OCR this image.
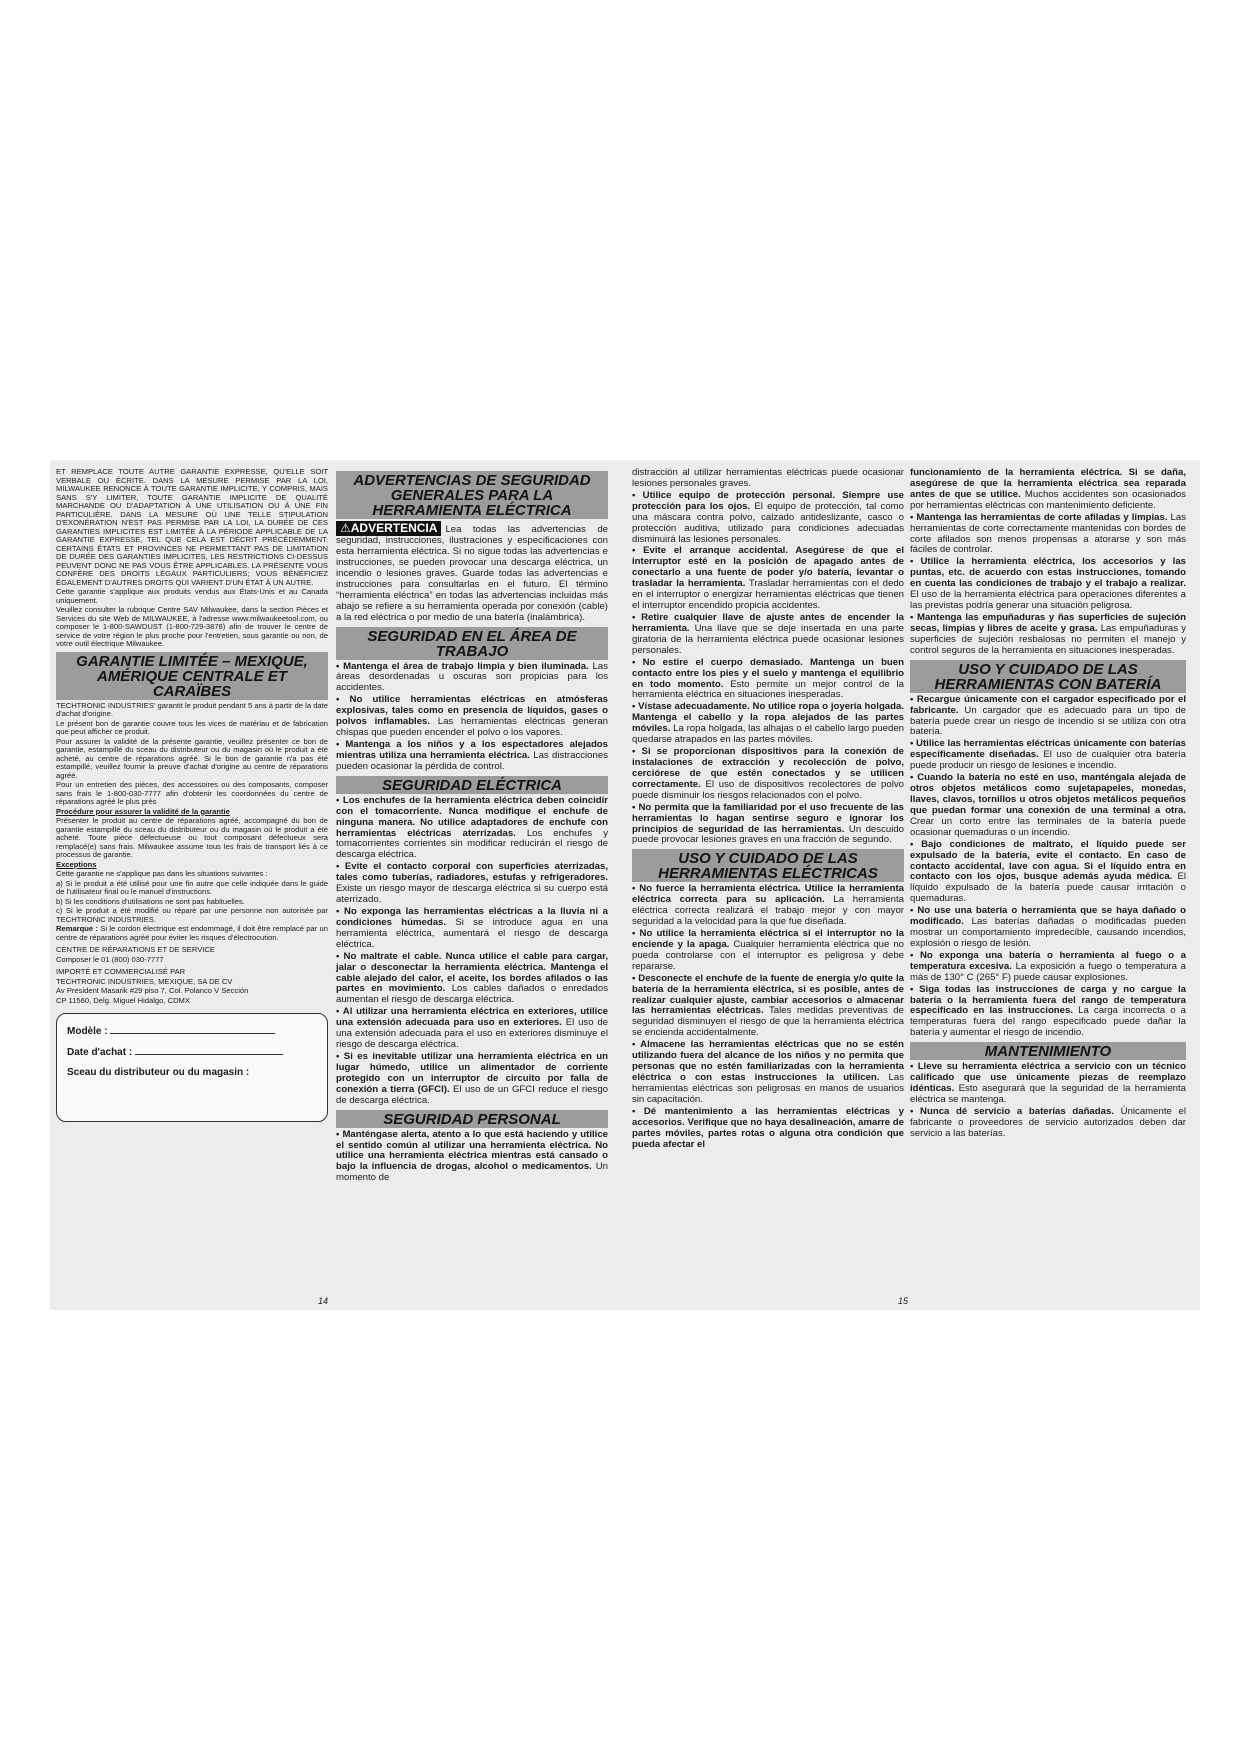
ET REMPLACE TOUTE AUTRE GARANTIE EXPRESSE, QU'ELLE SOIT VERBALE OU ÉCRITE. DANS LA MESURE PERMISE PAR LA LOI, MILWAUKEE RENONCE À TOUTE GARANTIE IMPLICITE, Y COMPRIS, MAIS SANS S'Y LIMITER, TOUTE GARANTIE IMPLICITE DE QUALITÉ MARCHANDE OU D'ADAPTATION À UNE UTILISATION OU À UNE FIN PARTICULIÈRE. DANS LA MESURE OÙ UNE TELLE STIPULATION D'EXONÉRATION N'EST PAS PERMISE PAR LA LOI, LA DURÉE DE CES GARANTIES IMPLICITES EST LIMITÉE À LA PÉRIODE APPLICABLE DE LA GARANTIE EXPRESSE, TEL QUE CELA EST DÉCRIT PRÉCÉDEMMENT. CERTAINS ÉTATS ET PROVINCES NE PERMETTANT PAS DE LIMITATION DE DURÉE DES GARANTIES IMPLICITES, LES RESTRICTIONS CI-DESSUS PEUVENT DONC NE PAS VOUS ÊTRE APPLICABLES. LA PRÉSENTE VOUS CONFÈRE DES DROITS LÉGAUX PARTICULIERS; VOUS BÉNÉFICIEZ ÉGALEMENT D'AUTRES DROITS QUI VARIENT D'UN ÉTAT À UN AUTRE.

Cette garantie s'applique aux produits vendus aux États-Unis et au Canada uniquement.

Veuillez consulter la rubrique Centre SAV Milwaukee, dans la section Pièces et Services du site Web de MILWAUKEE, à l'adresse www.milwaukeetool.com, ou composer le 1-800-SAWDUST (1-800-729-3878) afin de trouver le centre de service de votre région le plus proche pour l'entretien, sous garantie ou non, de votre outil électrique Milwaukee.

GARANTIE LIMITÉE – MEXIQUE, AMÉRIQUE CENTRALE ET CARAÏBES

TECHTRONIC INDUSTRIES' garantit le produit pendant 5 ans à partir de la date d'achat d'origine.

Le présent bon de garantie couvre tous les vices de matériau et de fabrication que peut afficher ce produit.

Pour assurer la validité de la présente garantie, veuillez présenter ce bon de garantie, estampillé du sceau du distributeur ou du magasin où le produit a été acheté, au centre de réparations agréé. Si le bon de garantie n'a pas été estampillé, veuillez fournir la preuve d'achat d'origine au centre de réparations agréé.

Pour un entretien des pièces, des accessoires ou des composants, composer sans frais le 1-800-030-7777 afin d'obtenir les coordonnées du centre de réparations agréé le plus près

Procédure pour assurer la validité de la garantie

Présenter le produit au centre de réparations agréé, accompagné du bon de garantie estampillé du sceau du distributeur ou du magasin où le produit a été acheté. Toute pièce défectueuse ou tout composant défectueux sera remplacé(e) sans frais. Milwaukee assume tous les frais de transport liés à ce processus de garantie.

Exceptions

Cette garantie ne s'applique pas dans les situations suivantes :

a) Si le produit a été utilisé pour une fin autre que celle indiquée dans le guide de l'utilisateur final ou le manuel d'instructions.

b) Si les conditions d'utilisations ne sont pas habituelles.

c) Si le produit a été modifié ou réparé par une personne non autorisée par TECHTRONIC INDUSTRIES.

Remarque : Si le cordon électrique est endommagé, il doit être remplacé par un centre de réparations agréé pour éviter les risques d'électrocution.

CENTRE DE RÉPARATIONS ET DE SERVICE

Composer le 01 (800) 030-7777

IMPORTÉ ET COMMERCIALISÉ PAR

TECHTRONIC INDUSTRIES, MEXIQUE, SA DE CV

Av President Masarik #29 piso 7, Col. Polanco V Sección

CP 11560, Delg. Miguel Hidalgo, CDMX

Modèle :
Date d'achat :
Sceau du distributeur ou du magasin :
ADVERTENCIAS DE SEGURIDAD GENERALES PARA LA HERRAMIENTA ELÉCTRICA

⚠ADVERTENCIA Lea todas las advertencias de seguridad, instrucciones, ilustraciones y especificaciones con esta herramienta eléctrica. Si no sigue todas las advertencias e instrucciones, se pueden provocar una descarga eléctrica, un incendio o lesiones graves. Guarde todas las advertencias e instrucciones para consultarlas en el futuro. El término “herramienta eléctrica” en todas las advertencias incluidas más abajo se refiere a su herramienta operada por conexión (cable) a la red eléctrica o por medio de una batería (inalámbrica).

SEGURIDAD EN EL ÁREA DE TRABAJO

• Mantenga el área de trabajo limpia y bien iluminada. Las áreas desordenadas u oscuras son propicias para los accidentes.

• No utilice herramientas eléctricas en atmósferas explosivas, tales como en presencia de líquidos, gases o polvos inflamables. Las herramientas eléctricas generan chispas que pueden encender el polvo o los vapores.

• Mantenga a los niños y a los espectadores alejados mientras utiliza una herramienta eléctrica. Las distracciones pueden ocasionar la pérdida de control.

SEGURIDAD ELÉCTRICA

• Los enchufes de la herramienta eléctrica deben coincidir con el tomacorriente. Nunca modifique el enchufe de ninguna manera. No utilice adaptadores de enchufe con herramientas eléctricas aterrizadas. Los enchufes y tomacorrientes corrientes sin modificar reducirán el riesgo de descarga eléctrica.

• Evite el contacto corporal con superficies aterrizadas, tales como tuberías, radiadores, estufas y refrigeradores. Existe un riesgo mayor de descarga eléctrica si su cuerpo está aterrizado.

• No exponga las herramientas eléctricas a la lluvia ni a condiciones húmedas. Si se introduce agua en una herramienta eléctrica, aumentará el riesgo de descarga eléctrica.

• No maltrate el cable. Nunca utilice el cable para cargar, jalar o desconectar la herramienta eléctrica. Mantenga el cable alejado del calor, el aceite, los bordes afilados o las partes en movimiento. Los cables dañados o enredados aumentan el riesgo de descarga eléctrica.

• Al utilizar una herramienta eléctrica en exteriores, utilice una extensión adecuada para uso en exteriores. El uso de una extensión adecuada para el uso en exteriores disminuye el riesgo de descarga eléctrica.

• Si es inevitable utilizar una herramienta eléctrica en un lugar húmedo, utilice un alimentador de corriente protegido con un interruptor de circuito por falla de conexión a tierra (GFCI). El uso de un GFCI reduce el riesgo de descarga eléctrica.

SEGURIDAD PERSONAL

• Manténgase alerta, atento a lo que está haciendo y utilice el sentido común al utilizar una herramienta eléctrica. No utilice una herramienta eléctrica mientras está cansado o bajo la influencia de drogas, alcohol o medicamentos. Un momento de

14

distracción al utilizar herramientas eléctricas puede ocasionar lesiones personales graves.

• Utilice equipo de protección personal. Siempre use protección para los ojos. El equipo de protección, tal como una máscara contra polvo, calzado antideslizante, casco o protección auditiva, utilizado para condiciones adecuadas disminuirá las lesiones personales.

• Evite el arranque accidental. Asegúrese de que el interruptor esté en la posición de apagado antes de conectarlo a una fuente de poder y/o batería, levantar o trasladar la herramienta. Trasladar herramientas con el dedo en el interruptor o energizar herramientas eléctricas que tienen el interruptor encendido propicia accidentes.

• Retire cualquier llave de ajuste antes de encender la herramienta. Una llave que se deje insertada en una parte giratoria de la herramienta eléctrica puede ocasionar lesiones personales.

• No estire el cuerpo demasiado. Mantenga un buen contacto entre los pies y el suelo y mantenga el equilibrio en todo momento. Esto permite un mejor control de la herramienta eléctrica en situaciones inesperadas.

• Vístase adecuadamente. No utilice ropa o joyería holgada. Mantenga el cabello y la ropa alejados de las partes móviles. La ropa holgada, las alhajas o el cabello largo pueden quedarse atrapados en las partes móviles.

• Si se proporcionan dispositivos para la conexión de instalaciones de extracción y recolección de polvo, cerciórese de que estén conectados y se utilicen correctamente. El uso de dispositivos recolectores de polvo puede disminuir los riesgos relacionados con el polvo.

• No permita que la familiaridad por el uso frecuente de las herramientas lo hagan sentirse seguro e ignorar los principios de seguridad de las herramientas. Un descuido puede provocar lesiones graves en una fracción de segundo.

USO Y CUIDADO DE LAS HERRAMIENTAS ELÉCTRICAS

• No fuerce la herramienta eléctrica. Utilice la herramienta eléctrica correcta para su aplicación. La herramienta eléctrica correcta realizará el trabajo mejor y con mayor seguridad a la velocidad para la que fue diseñada.

• No utilice la herramienta eléctrica si el interruptor no la enciende y la apaga. Cualquier herramienta eléctrica que no pueda controlarse con el interruptor es peligrosa y debe repararse.

• Desconecte el enchufe de la fuente de energía y/o quite la batería de la herramienta eléctrica, si es posible, antes de realizar cualquier ajuste, cambiar accesorios o almacenar las herramientas eléctricas. Tales medidas preventivas de seguridad disminuyen el riesgo de que la herramienta eléctrica se encienda accidentalmente.

• Almacene las herramientas eléctricas que no se estén utilizando fuera del alcance de los niños y no permita que personas que no estén familiarizadas con la herramienta eléctrica o con estas instrucciones la utilicen. Las herramientas eléctricas son peligrosas en manos de usuarios sin capacitación.

• Dé mantenimiento a las herramientas eléctricas y accesorios. Verifique que no haya desalineación, amarre de partes móviles, partes rotas o alguna otra condición que pueda afectar el

funcionamiento de la herramienta eléctrica. Si se daña, asegúrese de que la herramienta eléctrica sea reparada antes de que se utilice. Muchos accidentes son ocasionados por herramientas eléctricas con mantenimiento deficiente.

• Mantenga las herramientas de corte afiladas y limpias. Las herramientas de corte correctamente mantenidas con bordes de corte afilados son menos propensas a atorarse y son más fáciles de controlar.

• Utilice la herramienta eléctrica, los accesorios y las puntas, etc. de acuerdo con estas instrucciones, tomando en cuenta las condiciones de trabajo y el trabajo a realizar. El uso de la herramienta eléctrica para operaciones diferentes a las previstas podría generar una situación peligrosa.

• Mantenga las empuñaduras y ñas superficies de sujeción secas, limpias y libres de aceite y grasa. Las empuñaduras y superficies de sujeción resbalosas no permiten el manejo y control seguros de la herramienta en situaciones inesperadas.

USO Y CUIDADO DE LAS HERRAMIENTAS CON BATERÍA

• Recargue únicamente con el cargador especificado por el fabricante. Un cargador que es adecuado para un tipo de batería puede crear un riesgo de incendio si se utiliza con otra batería.

• Utilice las herramientas eléctricas únicamente con baterías específicamente diseñadas. El uso de cualquier otra batería puede producir un riesgo de lesiones e incendio.

• Cuando la batería no esté en uso, manténgala alejada de otros objetos metálicos como sujetapapeles, monedas, llaves, clavos, tornillos u otros objetos metálicos pequeños que puedan formar una conexión de una terminal a otra. Crear un corto entre las terminales de la batería puede ocasionar quemaduras o un incendio.

• Bajo condiciones de maltrato, el líquido puede ser expulsado de la batería, evite el contacto. En caso de contacto accidental, lave con agua. Si el líquido entra en contacto con los ojos, busque además ayuda médica. El líquido expulsado de la batería puede causar irritación o quemaduras.

• No use una batería o herramienta que se haya dañado o modificado. Las baterías dañadas o modificadas pueden mostrar un comportamiento impredecible, causando incendios, explosión o riesgo de lesión.

• No exponga una batería o herramienta al fuego o a temperatura excesiva. La exposición a fuego o temperatura a más de 130° C (265° F) puede causar explosiones.

• Siga todas las instrucciones de carga y no cargue la batería o la herramienta fuera del rango de temperatura especificado en las instrucciones. La carga incorrecta o a temperaturas fuera del rango especificado puede dañar la batería y aumentar el riesgo de incendio.

MANTENIMIENTO

• Lleve su herramienta eléctrica a servicio con un técnico calificado que use únicamente piezas de reemplazo idénticas. Esto asegurará que la seguridad de la herramienta eléctrica se mantenga.

• Nunca dé servicio a baterías dañadas. Únicamente el fabricante o proveedores de servicio autorizados deben dar servicio a las baterías.

15
